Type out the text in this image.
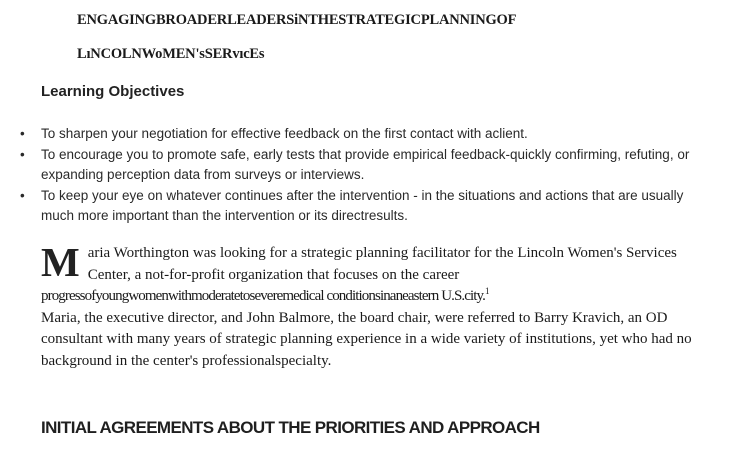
ENGAGINGBROADERLEADERSiNTHESTRATEGICPLANNINGOF
LıNCOLNWoMEN'sSERvıcEs
Learning Objectives
•	To sharpen your negotiation for effective feedback on the first contact with aclient.
•	To encourage you to promote safe, early tests that provide empirical feedback-quickly confirming, refuting, or expanding perception data from surveys or interviews.
•	To keep your eye on whatever continues after the intervention - in the situations and actions that are usually much more important than the intervention or its directresults.
Maria Worthington was looking for a strategic planning facilitator for the Lincoln Women's Services Center, a not-for-profit organization that focuses on the career progressofyoungwomenwithmoderatetoseveremedical conditionsinaneastern U.S.city.$^1$
Maria, the executive director, and John Balmore, the board chair, were referred to Barry Kravich, an OD consultant with many years of strategic planning experience in a wide variety of institutions, yet who had no background in the center's professionalspecialty.
INITIAL AGREEMENTS ABOUT THE PRIORITIES AND APPROACH
